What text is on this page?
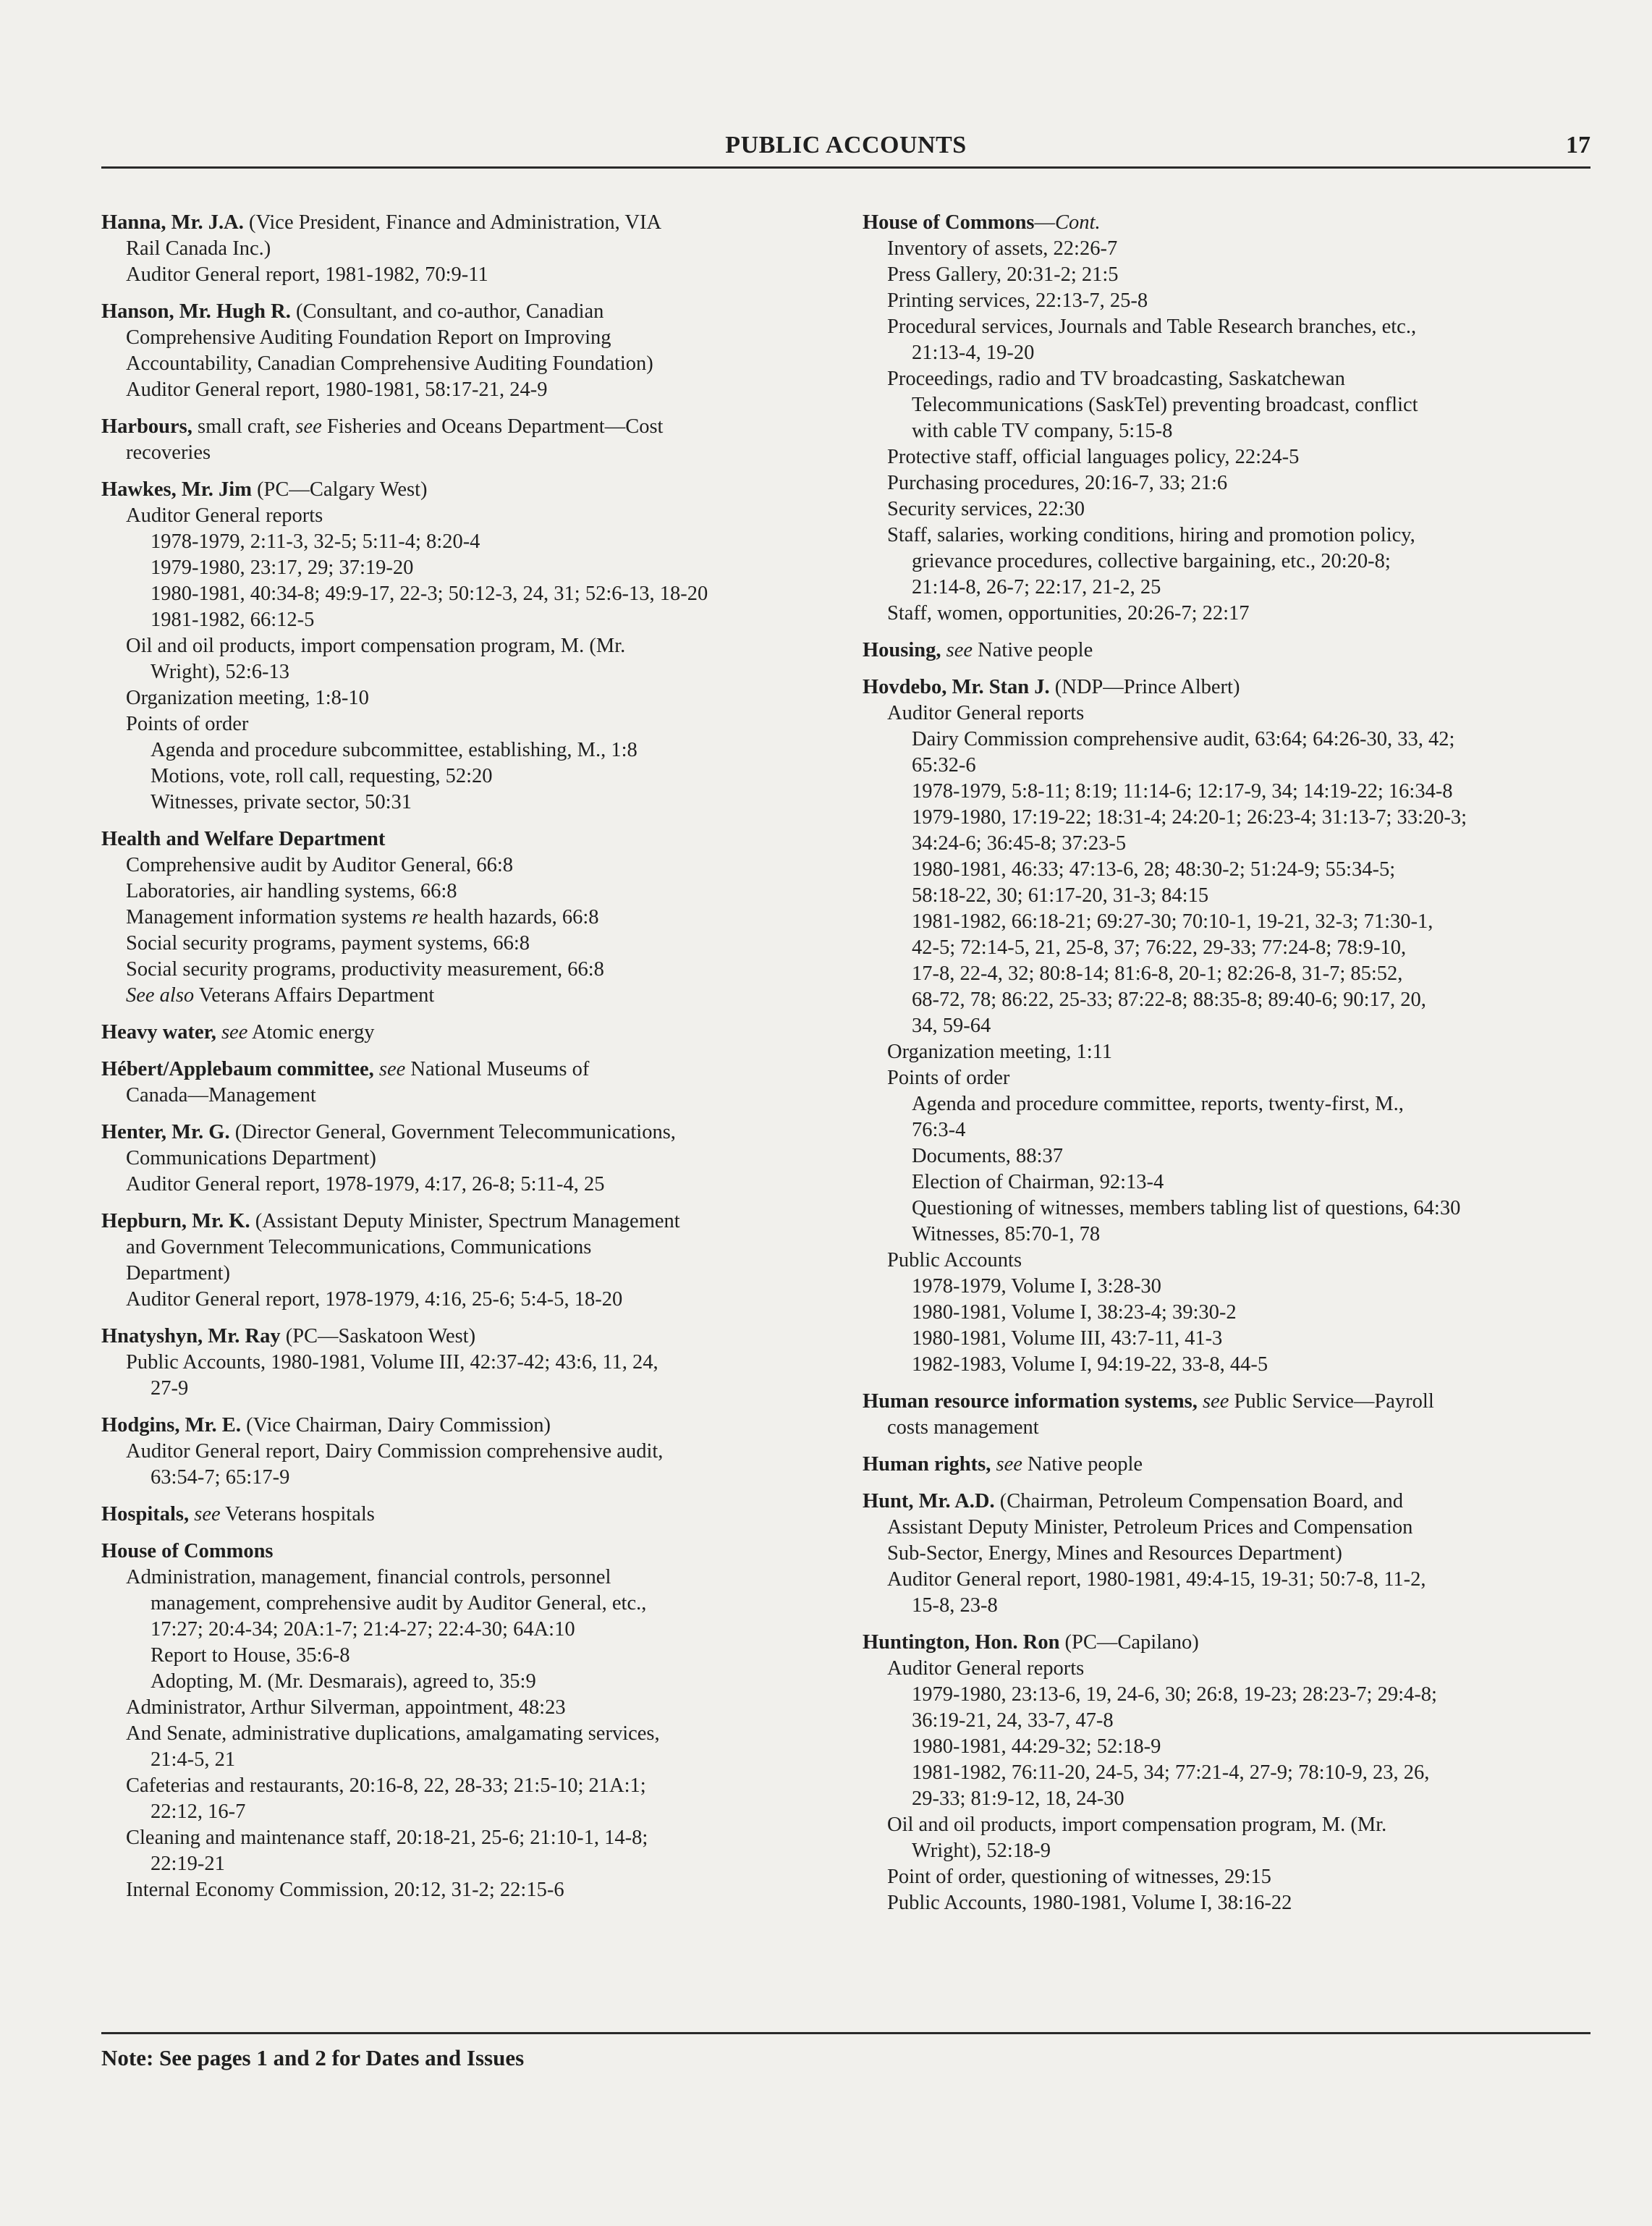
PUBLIC ACCOUNTS	17
Hanna, Mr. J.A. (Vice President, Finance and Administration, VIA
Rail Canada Inc.)
Auditor General report, 1981-1982, 70:9-11
Hanson, Mr. Hugh R. (Consultant, and co-author, Canadian
Comprehensive Auditing Foundation Report on Improving
Accountability, Canadian Comprehensive Auditing Foundation)
Auditor General report, 1980-1981, 58:17-21, 24-9
Harbours, small craft, see Fisheries and Oceans Department—Cost
recoveries
Hawkes, Mr. Jim (PC—Calgary West)
Auditor General reports
1978-1979, 2:11-3, 32-5; 5:11-4; 8:20-4
1979-1980, 23:17, 29; 37:19-20
1980-1981, 40:34-8; 49:9-17, 22-3; 50:12-3, 24, 31; 52:6-13, 18-20
1981-1982, 66:12-5
Oil and oil products, import compensation program, M. (Mr.
Wright), 52:6-13
Organization meeting, 1:8-10
Points of order
Agenda and procedure subcommittee, establishing, M., 1:8
Motions, vote, roll call, requesting, 52:20
Witnesses, private sector, 50:31
Health and Welfare Department
Comprehensive audit by Auditor General, 66:8
Laboratories, air handling systems, 66:8
Management information systems re health hazards, 66:8
Social security programs, payment systems, 66:8
Social security programs, productivity measurement, 66:8
See also Veterans Affairs Department
Heavy water, see Atomic energy
Hébert/Applebaum committee, see National Museums of
Canada—Management
Henter, Mr. G. (Director General, Government Telecommunications,
Communications Department)
Auditor General report, 1978-1979, 4:17, 26-8; 5:11-4, 25
Hepburn, Mr. K. (Assistant Deputy Minister, Spectrum Management
and Government Telecommunications, Communications
Department)
Auditor General report, 1978-1979, 4:16, 25-6; 5:4-5, 18-20
Hnatyshyn, Mr. Ray (PC—Saskatoon West)
Public Accounts, 1980-1981, Volume III, 42:37-42; 43:6, 11, 24,
27-9
Hodgins, Mr. E. (Vice Chairman, Dairy Commission)
Auditor General report, Dairy Commission comprehensive audit,
63:54-7; 65:17-9
Hospitals, see Veterans hospitals
House of Commons
Administration, management, financial controls, personnel
management, comprehensive audit by Auditor General, etc.,
17:27; 20:4-34; 20A:1-7; 21:4-27; 22:4-30; 64A:10
Report to House, 35:6-8
Adopting, M. (Mr. Desmarais), agreed to, 35:9
Administrator, Arthur Silverman, appointment, 48:23
And Senate, administrative duplications, amalgamating services,
21:4-5, 21
Cafeterias and restaurants, 20:16-8, 22, 28-33; 21:5-10; 21A:1;
22:12, 16-7
Cleaning and maintenance staff, 20:18-21, 25-6; 21:10-1, 14-8;
22:19-21
Internal Economy Commission, 20:12, 31-2; 22:15-6
House of Commons—Cont.
Inventory of assets, 22:26-7
Press Gallery, 20:31-2; 21:5
Printing services, 22:13-7, 25-8
Procedural services, Journals and Table Research branches, etc.,
21:13-4, 19-20
Proceedings, radio and TV broadcasting, Saskatchewan
Telecommunications (SaskTel) preventing broadcast, conflict
with cable TV company, 5:15-8
Protective staff, official languages policy, 22:24-5
Purchasing procedures, 20:16-7, 33; 21:6
Security services, 22:30
Staff, salaries, working conditions, hiring and promotion policy,
grievance procedures, collective bargaining, etc., 20:20-8;
21:14-8, 26-7; 22:17, 21-2, 25
Staff, women, opportunities, 20:26-7; 22:17
Housing, see Native people
Hovdebo, Mr. Stan J. (NDP—Prince Albert)
Auditor General reports
Dairy Commission comprehensive audit, 63:64; 64:26-30, 33, 42;
65:32-6
1978-1979, 5:8-11; 8:19; 11:14-6; 12:17-9, 34; 14:19-22; 16:34-8
1979-1980, 17:19-22; 18:31-4; 24:20-1; 26:23-4; 31:13-7; 33:20-3;
34:24-6; 36:45-8; 37:23-5
1980-1981, 46:33; 47:13-6, 28; 48:30-2; 51:24-9; 55:34-5;
58:18-22, 30; 61:17-20, 31-3; 84:15
1981-1982, 66:18-21; 69:27-30; 70:10-1, 19-21, 32-3; 71:30-1,
42-5; 72:14-5, 21, 25-8, 37; 76:22, 29-33; 77:24-8; 78:9-10,
17-8, 22-4, 32; 80:8-14; 81:6-8, 20-1; 82:26-8, 31-7; 85:52,
68-72, 78; 86:22, 25-33; 87:22-8; 88:35-8; 89:40-6; 90:17, 20,
34, 59-64
Organization meeting, 1:11
Points of order
Agenda and procedure committee, reports, twenty-first, M.,
76:3-4
Documents, 88:37
Election of Chairman, 92:13-4
Questioning of witnesses, members tabling list of questions, 64:30
Witnesses, 85:70-1, 78
Public Accounts
1978-1979, Volume I, 3:28-30
1980-1981, Volume I, 38:23-4; 39:30-2
1980-1981, Volume III, 43:7-11, 41-3
1982-1983, Volume I, 94:19-22, 33-8, 44-5
Human resource information systems, see Public Service—Payroll
costs management
Human rights, see Native people
Hunt, Mr. A.D. (Chairman, Petroleum Compensation Board, and
Assistant Deputy Minister, Petroleum Prices and Compensation
Sub-Sector, Energy, Mines and Resources Department)
Auditor General report, 1980-1981, 49:4-15, 19-31; 50:7-8, 11-2,
15-8, 23-8
Huntington, Hon. Ron (PC—Capilano)
Auditor General reports
1979-1980, 23:13-6, 19, 24-6, 30; 26:8, 19-23; 28:23-7; 29:4-8;
36:19-21, 24, 33-7, 47-8
1980-1981, 44:29-32; 52:18-9
1981-1982, 76:11-20, 24-5, 34; 77:21-4, 27-9; 78:10-9, 23, 26,
29-33; 81:9-12, 18, 24-30
Oil and oil products, import compensation program, M. (Mr.
Wright), 52:18-9
Point of order, questioning of witnesses, 29:15
Public Accounts, 1980-1981, Volume I, 38:16-22
Note: See pages 1 and 2 for Dates and Issues
